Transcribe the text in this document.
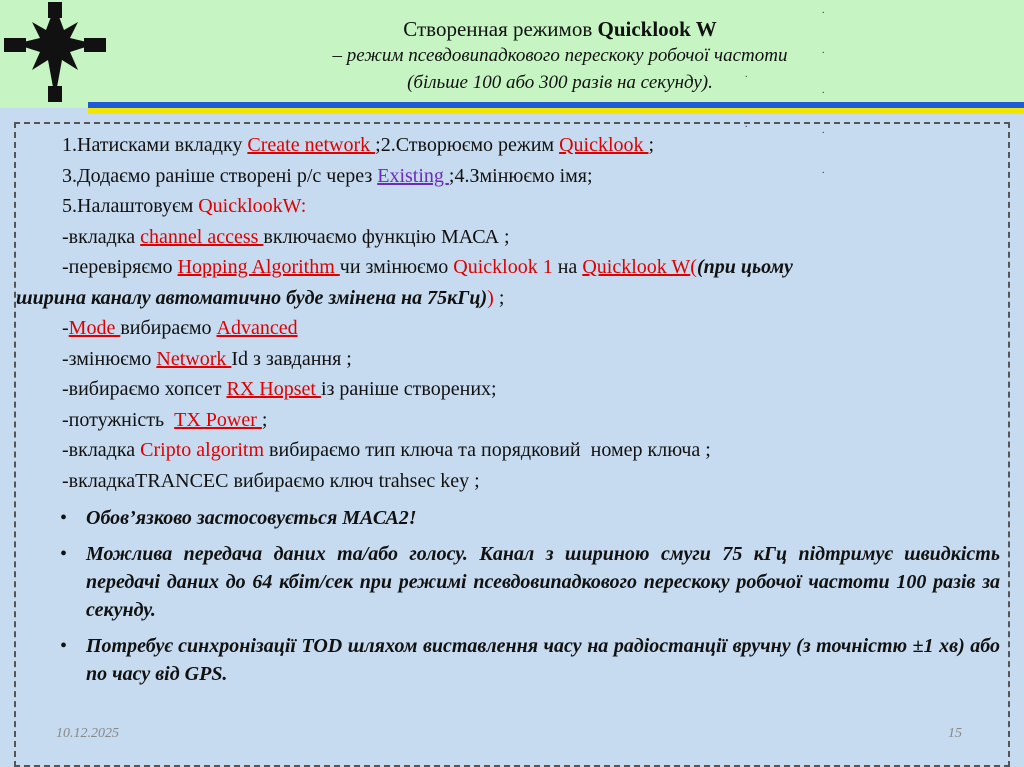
Створенная режимов Quicklook W
– режим псевдовипадкового перескоку робочої частоти
(більше 100 або 300 разів на секунду).
1.Натисками вкладку Create network ;2.Створюємо режим Quicklook ;
3.Додаємо раніше створені р/с через Existing ;4.Змінюємо імя;
5.Налаштовуєм QuicklookW:
-вкладка channel access включаємо функцію МАСА ;
-перевіряємо Hopping Algorithm чи змінюємо Quicklook 1 на Quicklook W((при цьому
ширина каналу автоматично буде змінена на 75кГц)) ;
-Mode вибираємо Advanced
-змінюємо Network Id з завдання ;
-вибираємо хопсет RX Hopset із раніше створених;
-потужність  TX Power ;
-вкладка Cripto algoritm вибираємо тип ключа та порядковий  номер ключа ;
-вкладкаTRANCEC вибираємо ключ trahsec key ;
• Обов’язково застосовується МАСА2!
• Можлива передача даних та/або голосу. Канал з шириною смуги 75 кГц підтримує швидкість передачі даних до 64 кбіт/сек при режимі псевдовипадкового перескоку робочої частоти 100 разів за секунду.
• Потребує синхронізації TOD шляхом виставлення часу на радіостанції вручну (з точністю ±1 хв) або по часу від GPS.
10.12.2025	15
.

.

.

.

.
.

.
